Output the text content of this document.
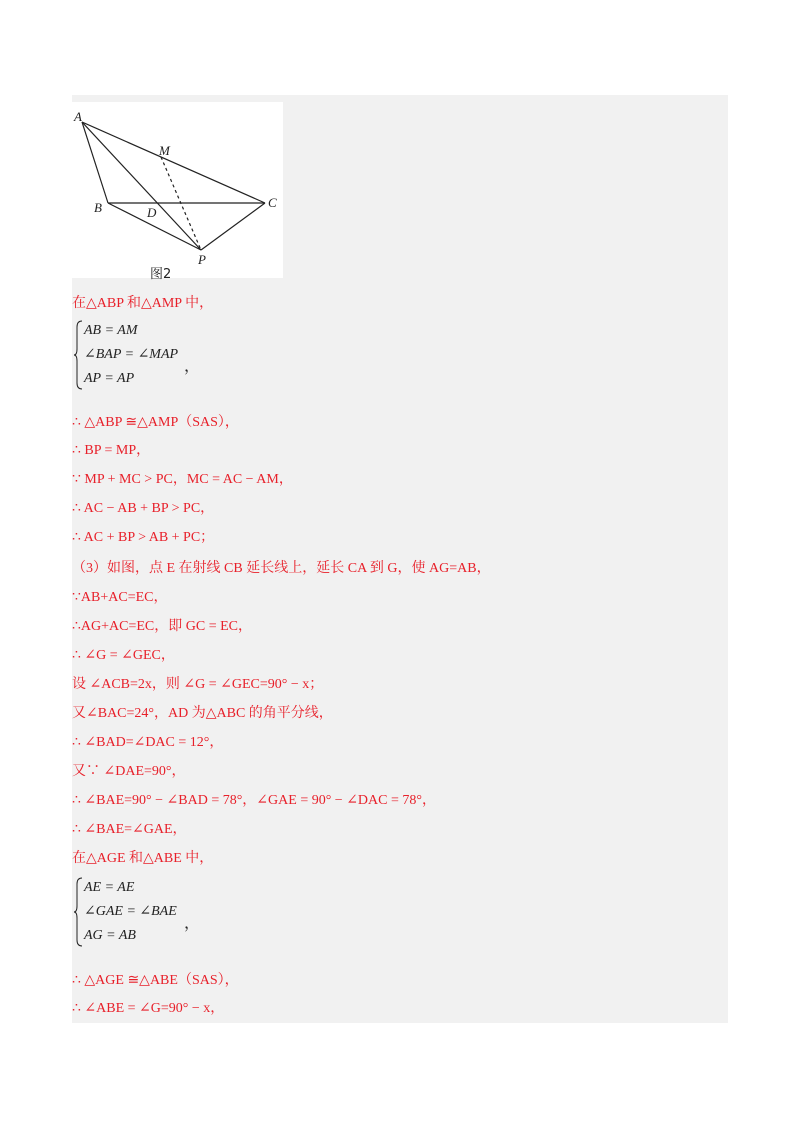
A
M
B	D
C
P
图2
在△ABP 和△AMP 中，
AB = AM
∠BAP = ∠MAP
AP = AP
，
∴ △ABP ≅△AMP（SAS），
∴ BP = MP，
∵ MP + MC > PC，MC = AC − AM，
∴ AC − AB + BP > PC，
∴ AC + BP > AB + PC；
（3）如图，点 E 在射线 CB 延长线上，延长 CA 到 G，使 AG=AB，
∵AB+AC=EC，
∴AG+AC=EC，即 GC = EC，
∴ ∠G = ∠GEC，
设 ∠ACB=2x，则 ∠G = ∠GEC=90° − x；
又∠BAC=24°，AD 为△ABC 的角平分线，
∴ ∠BAD=∠DAC = 12°，
又∵ ∠DAE=90°，
∴ ∠BAE=90° − ∠BAD = 78°，∠GAE = 90° − ∠DAC = 78°，
∴ ∠BAE=∠GAE，
在△AGE 和△ABE 中，
AE = AE
∠GAE = ∠BAE
AG = AB
，
∴ △AGE ≅△ABE（SAS），
∴ ∠ABE = ∠G=90° − x，
